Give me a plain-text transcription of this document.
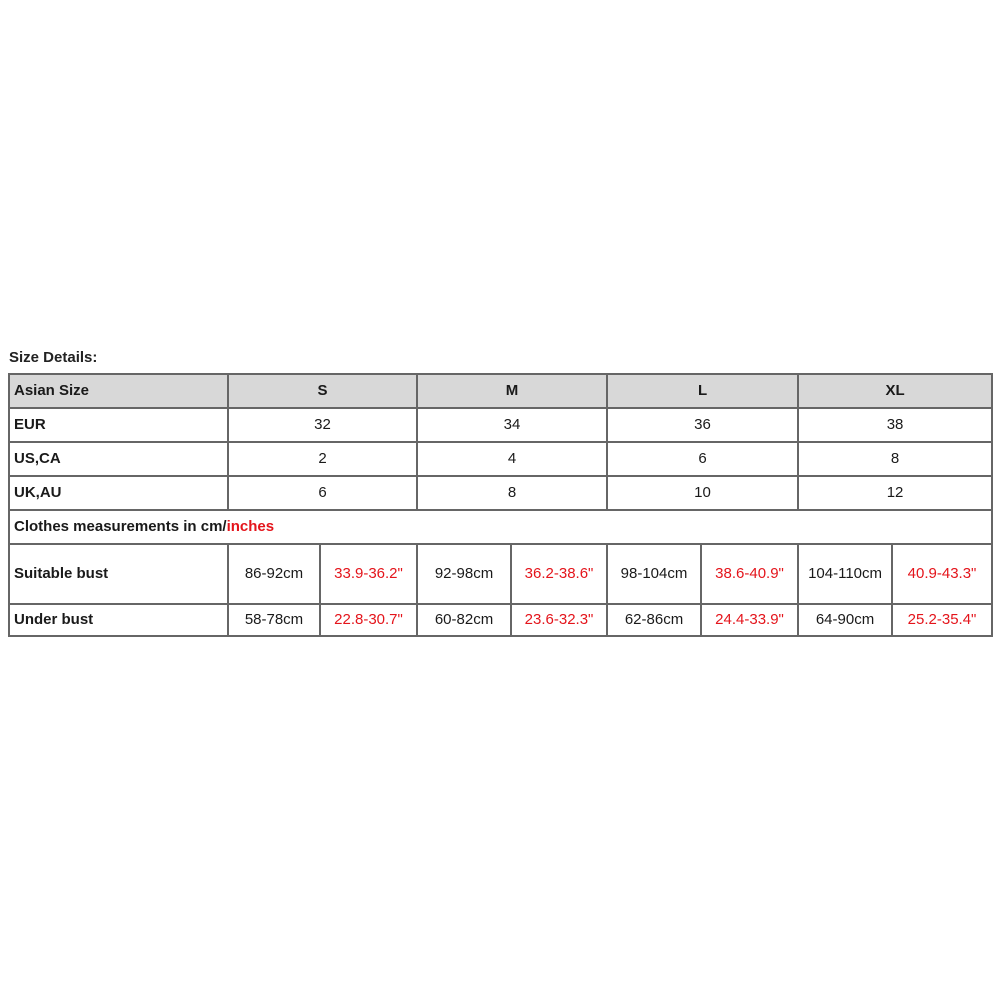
Size Details:
Asian Size	S		M		L		XL	
EUR	32		34		36		38	
US,CA	2		4		6		8	
UK,AU	6		8		10		12	
Clothes measurements in cm/inches								
Suitable bust	86-92cm	33.9-36.2"	92-98cm	36.2-38.6"	98-104cm	38.6-40.9"	104-110cm	40.9-43.3"
Under bust	58-78cm	22.8-30.7"	60-82cm	23.6-32.3"	62-86cm	24.4-33.9"	64-90cm	25.2-35.4"
